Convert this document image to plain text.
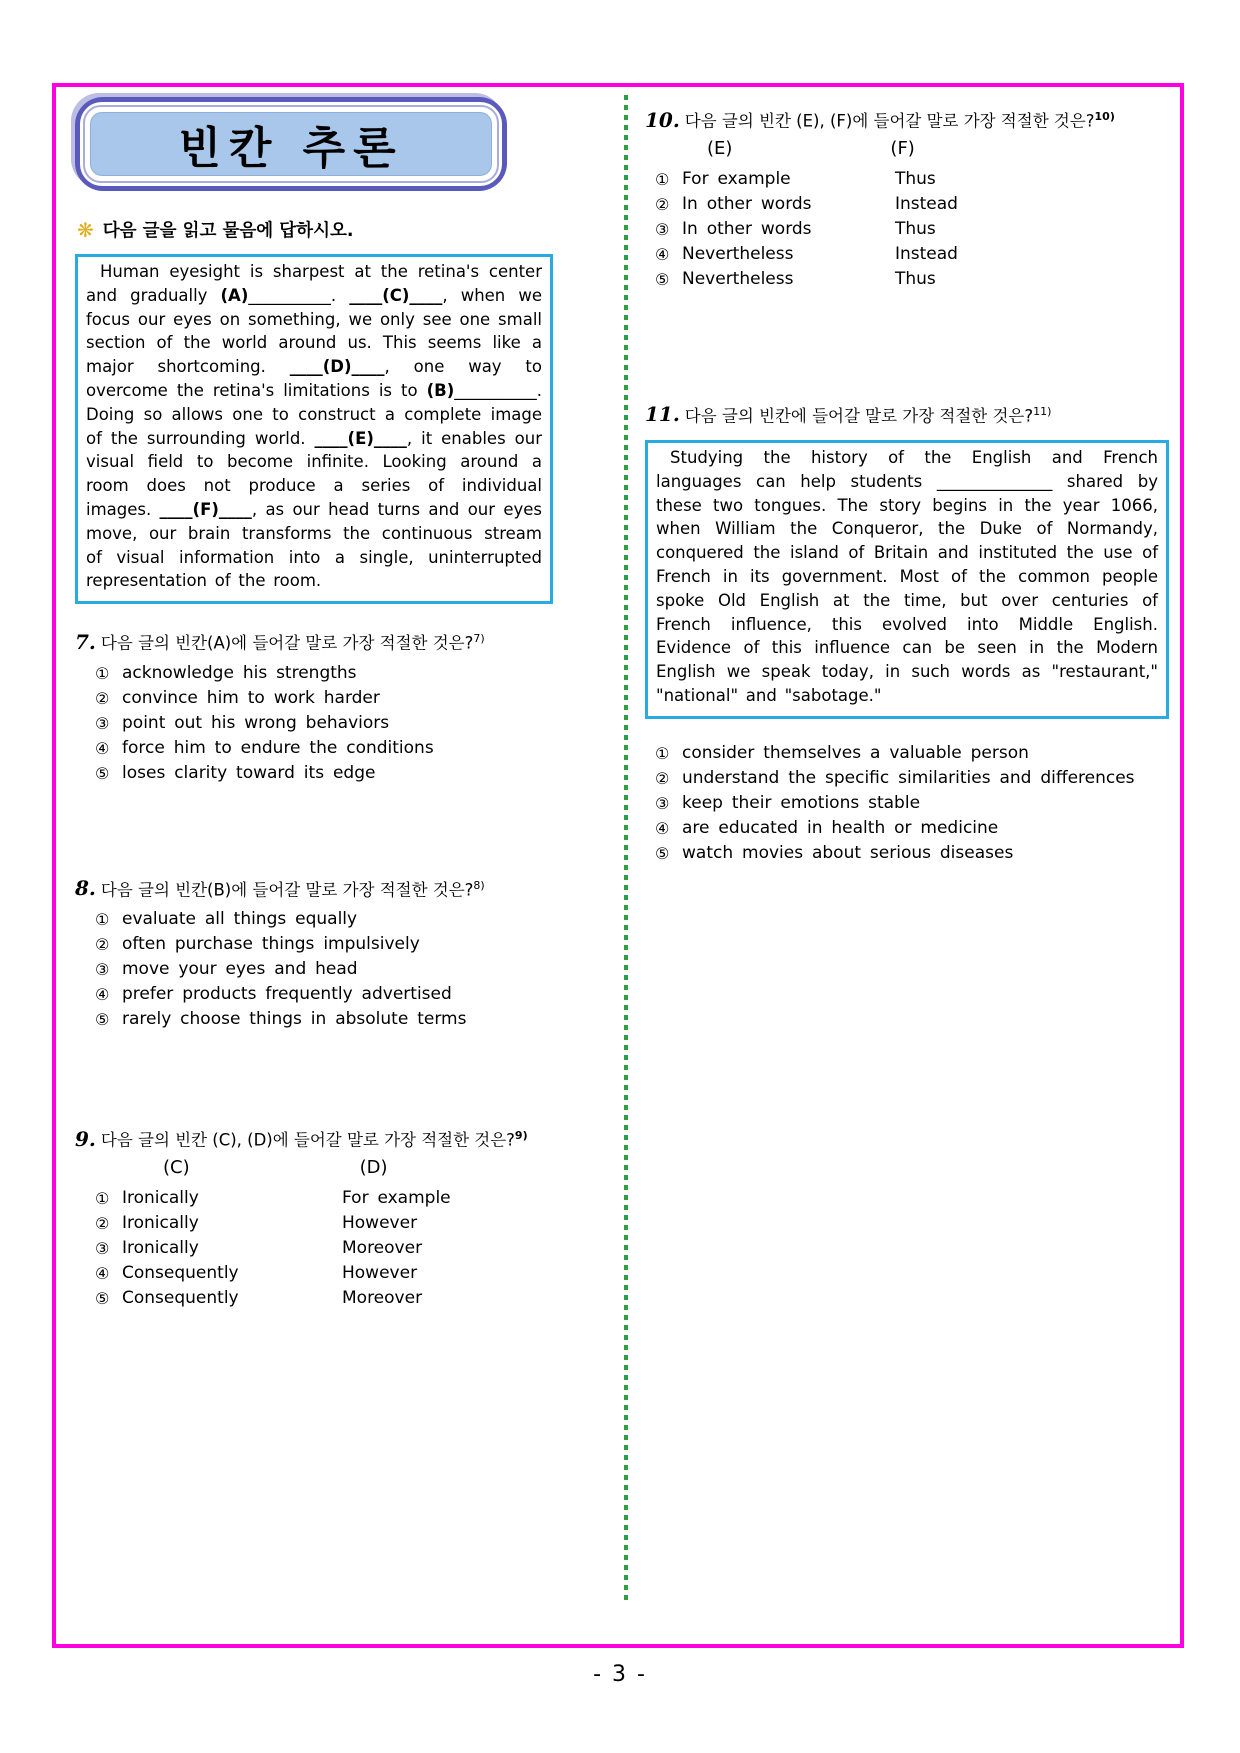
빈칸 추론
❋ 다음 글을 읽고 물음에 답하시오.

Human eyesight is sharpest at the retina's center and gradually (A)__________. ____(C)____, when we focus our eyes on something, we only see one small section of the world around us. This seems like a major shortcoming. ____(D)____, one way to overcome the retina's limitations is to (B)__________. Doing so allows one to construct a complete image of the surrounding world. ____(E)____, it enables our visual field to become infinite. Looking around a room does not produce a series of individual images. ____(F)____, as our head turns and our eyes move, our brain transforms the continuous stream of visual information into a single, uninterrupted representation of the room.

7. 다음 글의 빈칸(A)에 들어갈 말로 가장 적절한 것은?$^{7)}$
① acknowledge his strengths
② convince him to work harder
③ point out his wrong behaviors
④ force him to endure the conditions
⑤ loses clarity toward its edge
8. 다음 글의 빈칸(B)에 들어갈 말로 가장 적절한 것은?$^{8)}$
① evaluate all things equally
② often purchase things impulsively
③ move your eyes and head
④ prefer products frequently advertised
⑤ rarely choose things in absolute terms
9. 다음 글의 빈칸 (C), (D)에 들어갈 말로 가장 적절한 것은?$^{9)}$
(C)	(D)
① Ironically	For example
② Ironically	However
③ Ironically	Moreover
④ Consequently	However
⑤ Consequently	Moreover
10. 다음 글의 빈칸 (E), (F)에 들어갈 말로 가장 적절한 것은?$^{10)}$
(E)	(F)
① For example	Thus
② In other words	Instead
③ In other words	Thus
④ Nevertheless	Instead
⑤ Nevertheless	Thus
11. 다음 글의 빈칸에 들어갈 말로 가장 적절한 것은?$^{11)}$

Studying the history of the English and French languages can help students ______________ shared by these two tongues. The story begins in the year 1066, when William the Conqueror, the Duke of Normandy, conquered the island of Britain and instituted the use of French in its government. Most of the common people spoke Old English at the time, but over centuries of French influence, this evolved into Middle English. Evidence of this influence can be seen in the Modern English we speak today, in such words as "restaurant," "national" and "sabotage."

① consider themselves a valuable person
② understand the specific similarities and differences
③ keep their emotions stable
④ are educated in health or medicine
⑤ watch movies about serious diseases
- 3 -
